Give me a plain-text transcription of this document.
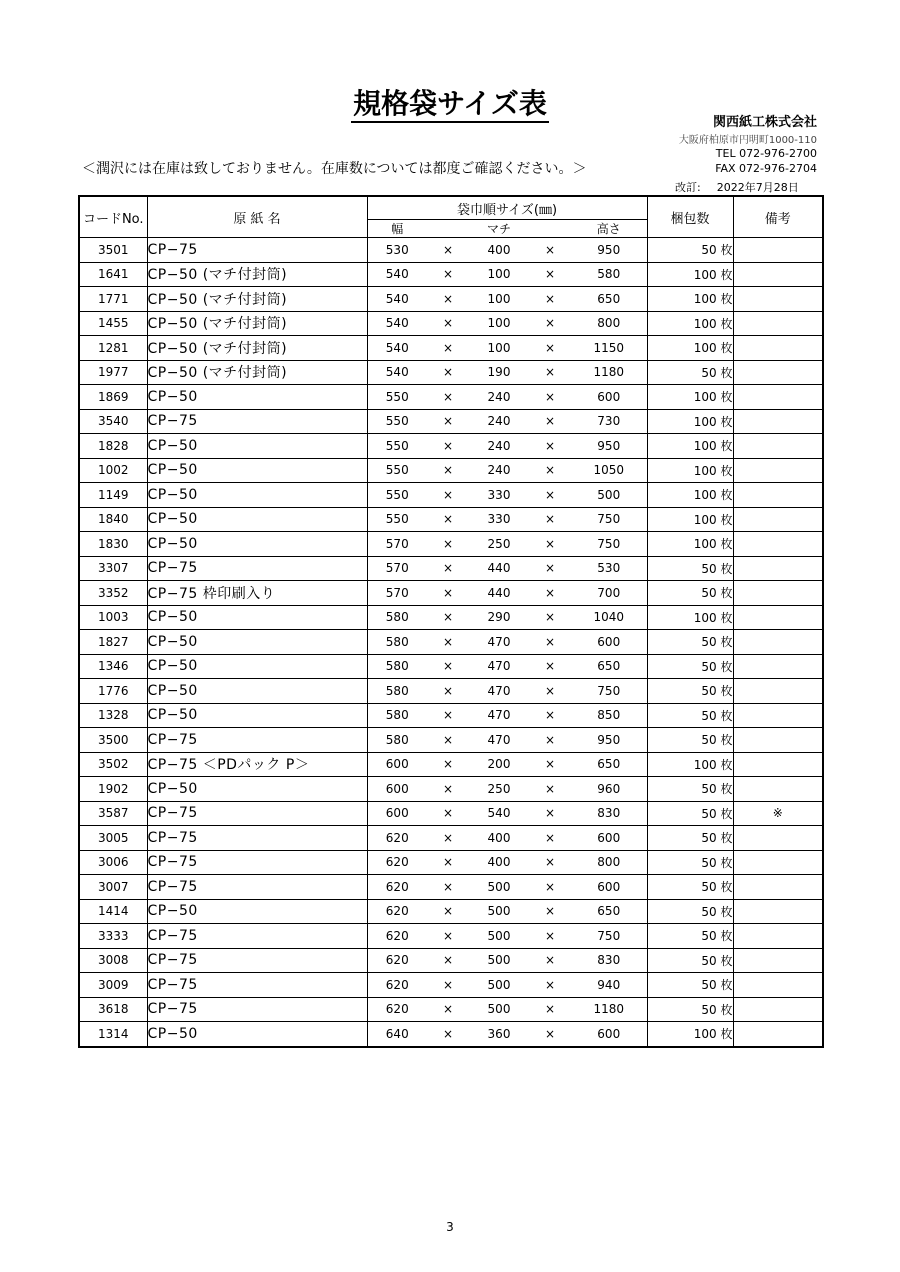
規格袋サイズ表
関西紙工株式会社
大阪府柏原市円明町1000-110
TEL 072-976-2700
FAX 072-976-2704
＜潤沢には在庫は致しておりません。在庫数については都度ご確認ください。＞
改訂: 2022年7月28日
コードNo.	原 紙 名	袋巾順サイズ(㎜)					梱包数	備考
		幅		マチ		高さ		
3501	CP−75	530	×	400	×	950	50 枚	
1641	CP−50 (マチ付封筒)	540	×	100	×	580	100 枚	
1771	CP−50 (マチ付封筒)	540	×	100	×	650	100 枚	
1455	CP−50 (マチ付封筒)	540	×	100	×	800	100 枚	
1281	CP−50 (マチ付封筒)	540	×	100	×	1150	100 枚	
1977	CP−50 (マチ付封筒)	540	×	190	×	1180	50 枚	
1869	CP−50	550	×	240	×	600	100 枚	
3540	CP−75	550	×	240	×	730	100 枚	
1828	CP−50	550	×	240	×	950	100 枚	
1002	CP−50	550	×	240	×	1050	100 枚	
1149	CP−50	550	×	330	×	500	100 枚	
1840	CP−50	550	×	330	×	750	100 枚	
1830	CP−50	570	×	250	×	750	100 枚	
3307	CP−75	570	×	440	×	530	50 枚	
3352	CP−75 枠印刷入り	570	×	440	×	700	50 枚	
1003	CP−50	580	×	290	×	1040	100 枚	
1827	CP−50	580	×	470	×	600	50 枚	
1346	CP−50	580	×	470	×	650	50 枚	
1776	CP−50	580	×	470	×	750	50 枚	
1328	CP−50	580	×	470	×	850	50 枚	
3500	CP−75	580	×	470	×	950	50 枚	
3502	CP−75 ＜PDパック P＞	600	×	200	×	650	100 枚	
1902	CP−50	600	×	250	×	960	50 枚	
3587	CP−75	600	×	540	×	830	50 枚	※
3005	CP−75	620	×	400	×	600	50 枚	
3006	CP−75	620	×	400	×	800	50 枚	
3007	CP−75	620	×	500	×	600	50 枚	
1414	CP−50	620	×	500	×	650	50 枚	
3333	CP−75	620	×	500	×	750	50 枚	
3008	CP−75	620	×	500	×	830	50 枚	
3009	CP−75	620	×	500	×	940	50 枚	
3618	CP−75	620	×	500	×	1180	50 枚	
1314	CP−50	640	×	360	×	600	100 枚	
3
